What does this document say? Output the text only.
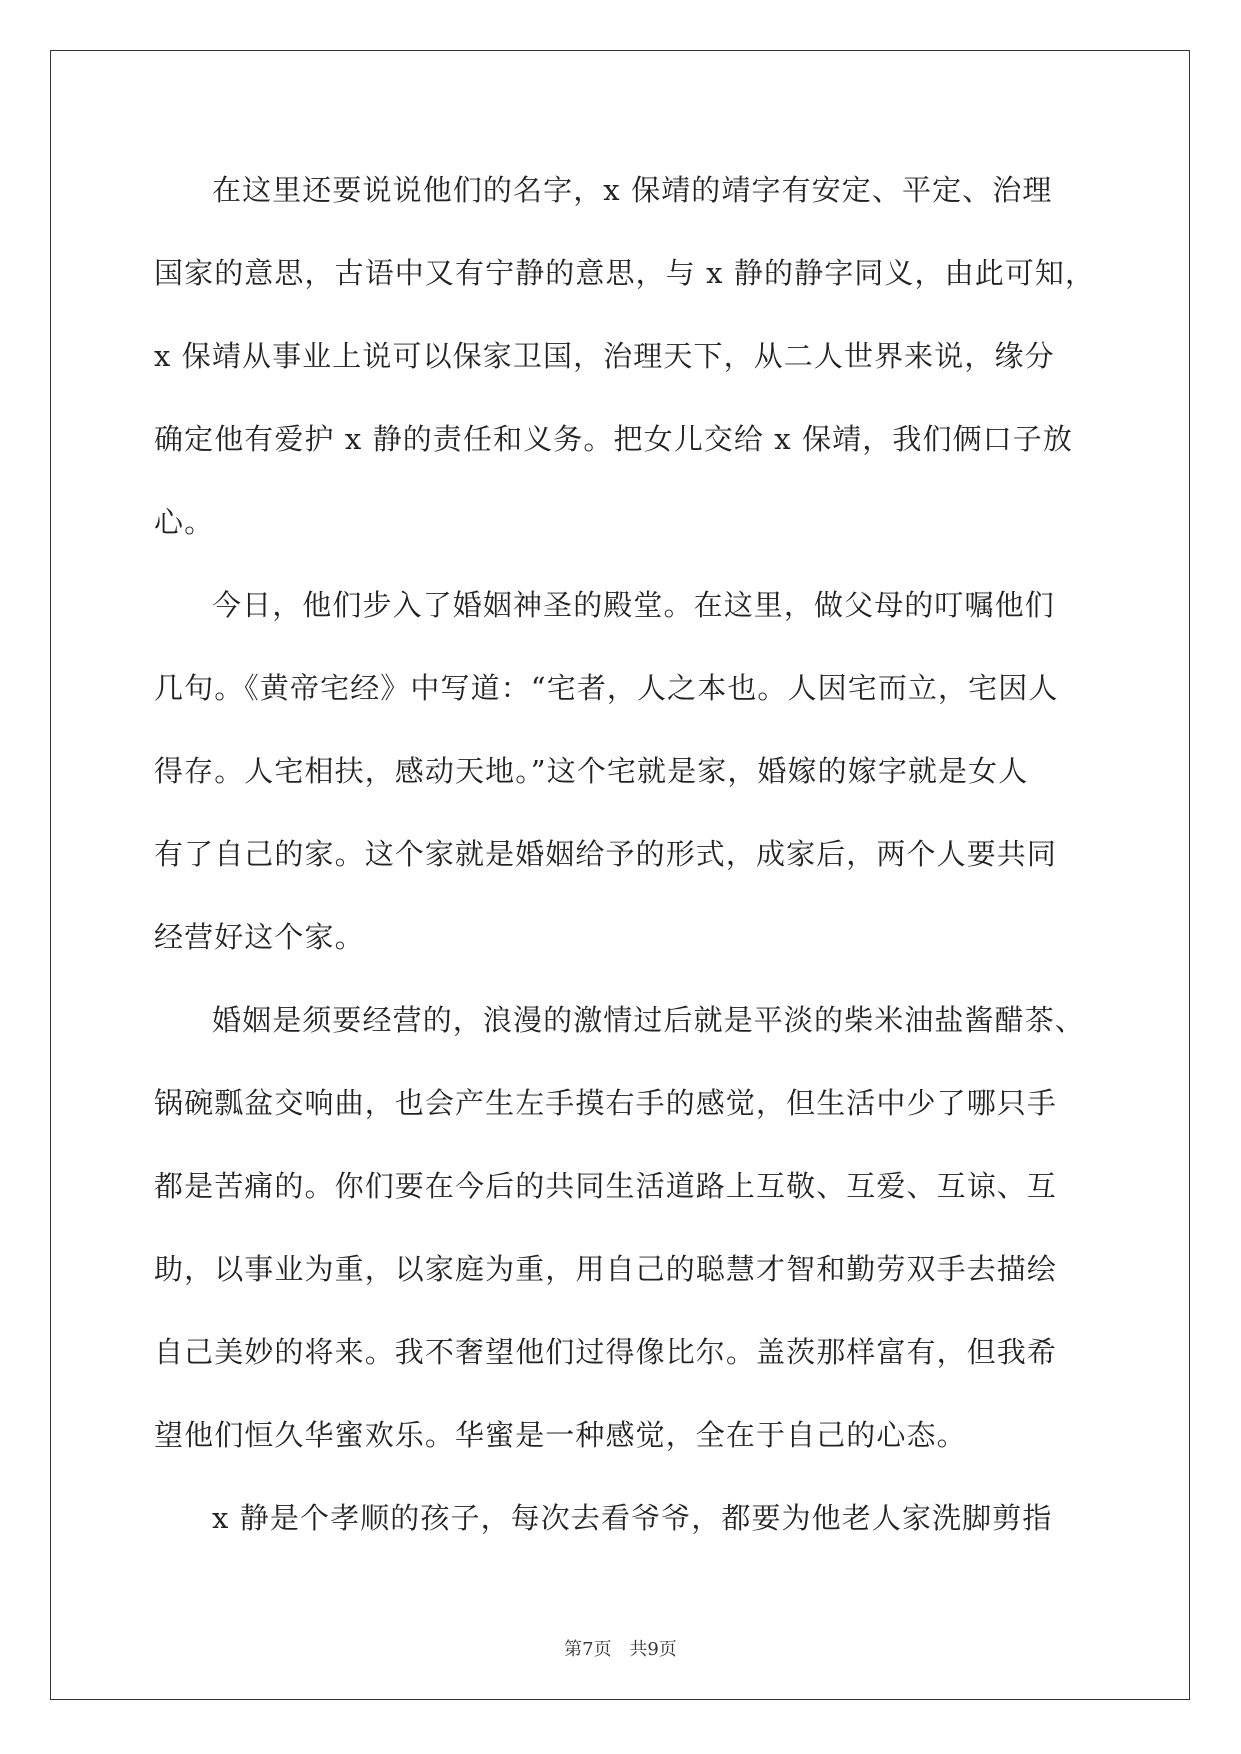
在这里还要说说他们的名字，x 保靖的靖字有安定、平定、治理
国家的意思，古语中又有宁静的意思，与 x 静的静字同义，由此可知，
x 保靖从事业上说可以保家卫国，治理天下，从二人世界来说，缘分
确定他有爱护 x 静的责任和义务。把女儿交给 x 保靖，我们俩口子放
心。
今日，他们步入了婚姻神圣的殿堂。在这里，做父母的叮嘱他们
几句。《黄帝宅经》中写道：“宅者，人之本也。人因宅而立，宅因人
得存。人宅相扶，感动天地。”这个宅就是家，婚嫁的嫁字就是女人
有了自己的家。这个家就是婚姻给予的形式，成家后，两个人要共同
经营好这个家。
婚姻是须要经营的，浪漫的激情过后就是平淡的柴米油盐酱醋茶、
锅碗瓢盆交响曲，也会产生左手摸右手的感觉，但生活中少了哪只手
都是苦痛的。你们要在今后的共同生活道路上互敬、互爱、互谅、互
助，以事业为重，以家庭为重，用自己的聪慧才智和勤劳双手去描绘
自己美妙的将来。我不奢望他们过得像比尔。盖茨那样富有，但我希
望他们恒久华蜜欢乐。华蜜是一种感觉，全在于自己的心态。
x 静是个孝顺的孩子，每次去看爷爷，都要为他老人家洗脚剪指
第7页 共9页
